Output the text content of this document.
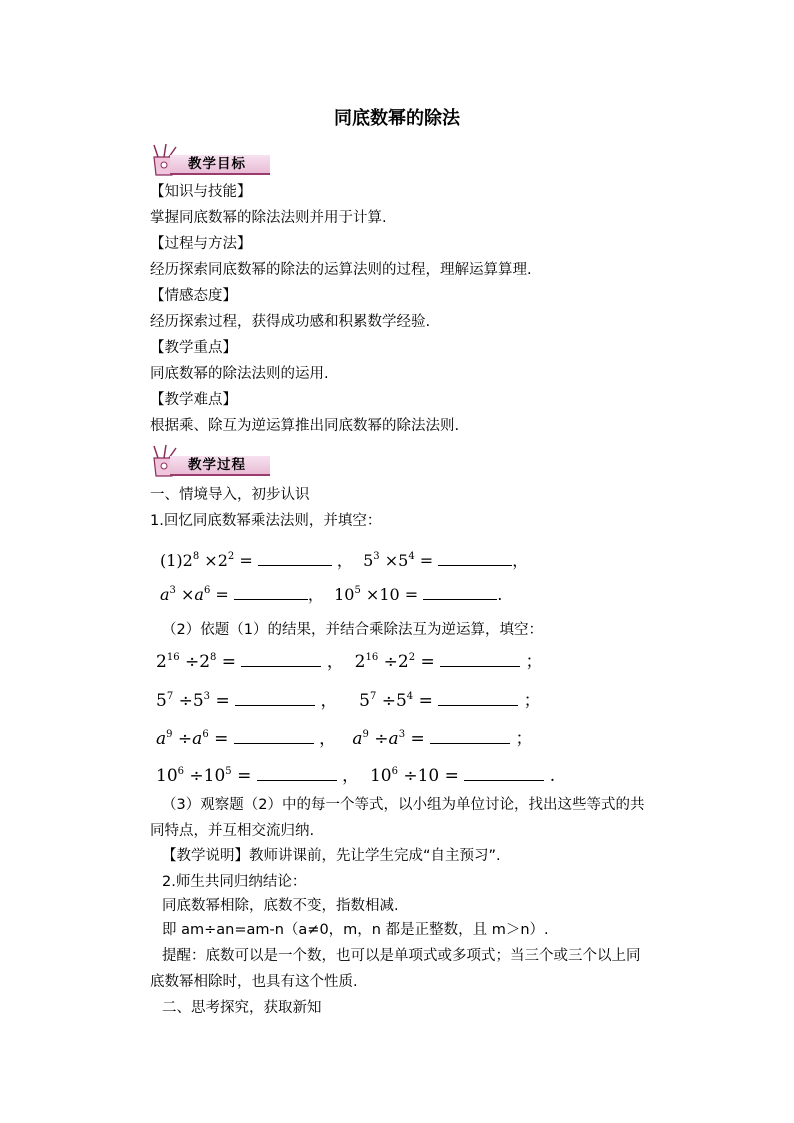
同底数幂的除法
教学目标
【知识与技能】
掌握同底数幂的除法法则并用于计算.
【过程与方法】
经历探索同底数幂的除法的运算法则的过程，理解运算算理.
【情感态度】
经历探索过程，获得成功感和积累数学经验.
【教学重点】
同底数幂的除法法则的运用.
【教学难点】
根据乘、除互为逆运算推出同底数幂的除法法则.
教学过程
一、情境导入，初步认识
1.回忆同底数幂乘法法则，并填空：
$(1)2^8 \times 2^2$ =	，  $5^3 \times 5^4$ =	，
$a^3 \times a^6$ =	，  $10^5 \times 10$ =	.
（2）依题（1）的结果，并结合乘除法互为逆运算，填空：
$2^{16} \div 2^8$ =	，  $2^{16} \div 2^2$ =	；
$5^7 \div 5^3$ =	，    $5^7 \div 5^4$ =	；
$a^9 \div a^6$ =	，   $a^9 \div a^3$ =	；
$10^6 \div 10^5$ =	，  $10^6 \div 10$ =	.
（3）观察题（2）中的每一个等式，以小组为单位讨论，找出这些等式的共
同特点，并互相交流归纳.
【教学说明】教师讲课前，先让学生完成“自主预习”.
2.师生共同归纳结论：
同底数幂相除，底数不变，指数相减.
即 am÷an=am-n（a≠0，m，n 都是正整数，且 m＞n）.
提醒：底数可以是一个数，也可以是单项式或多项式；当三个或三个以上同
底数幂相除时，也具有这个性质.
二、思考探究，获取新知
